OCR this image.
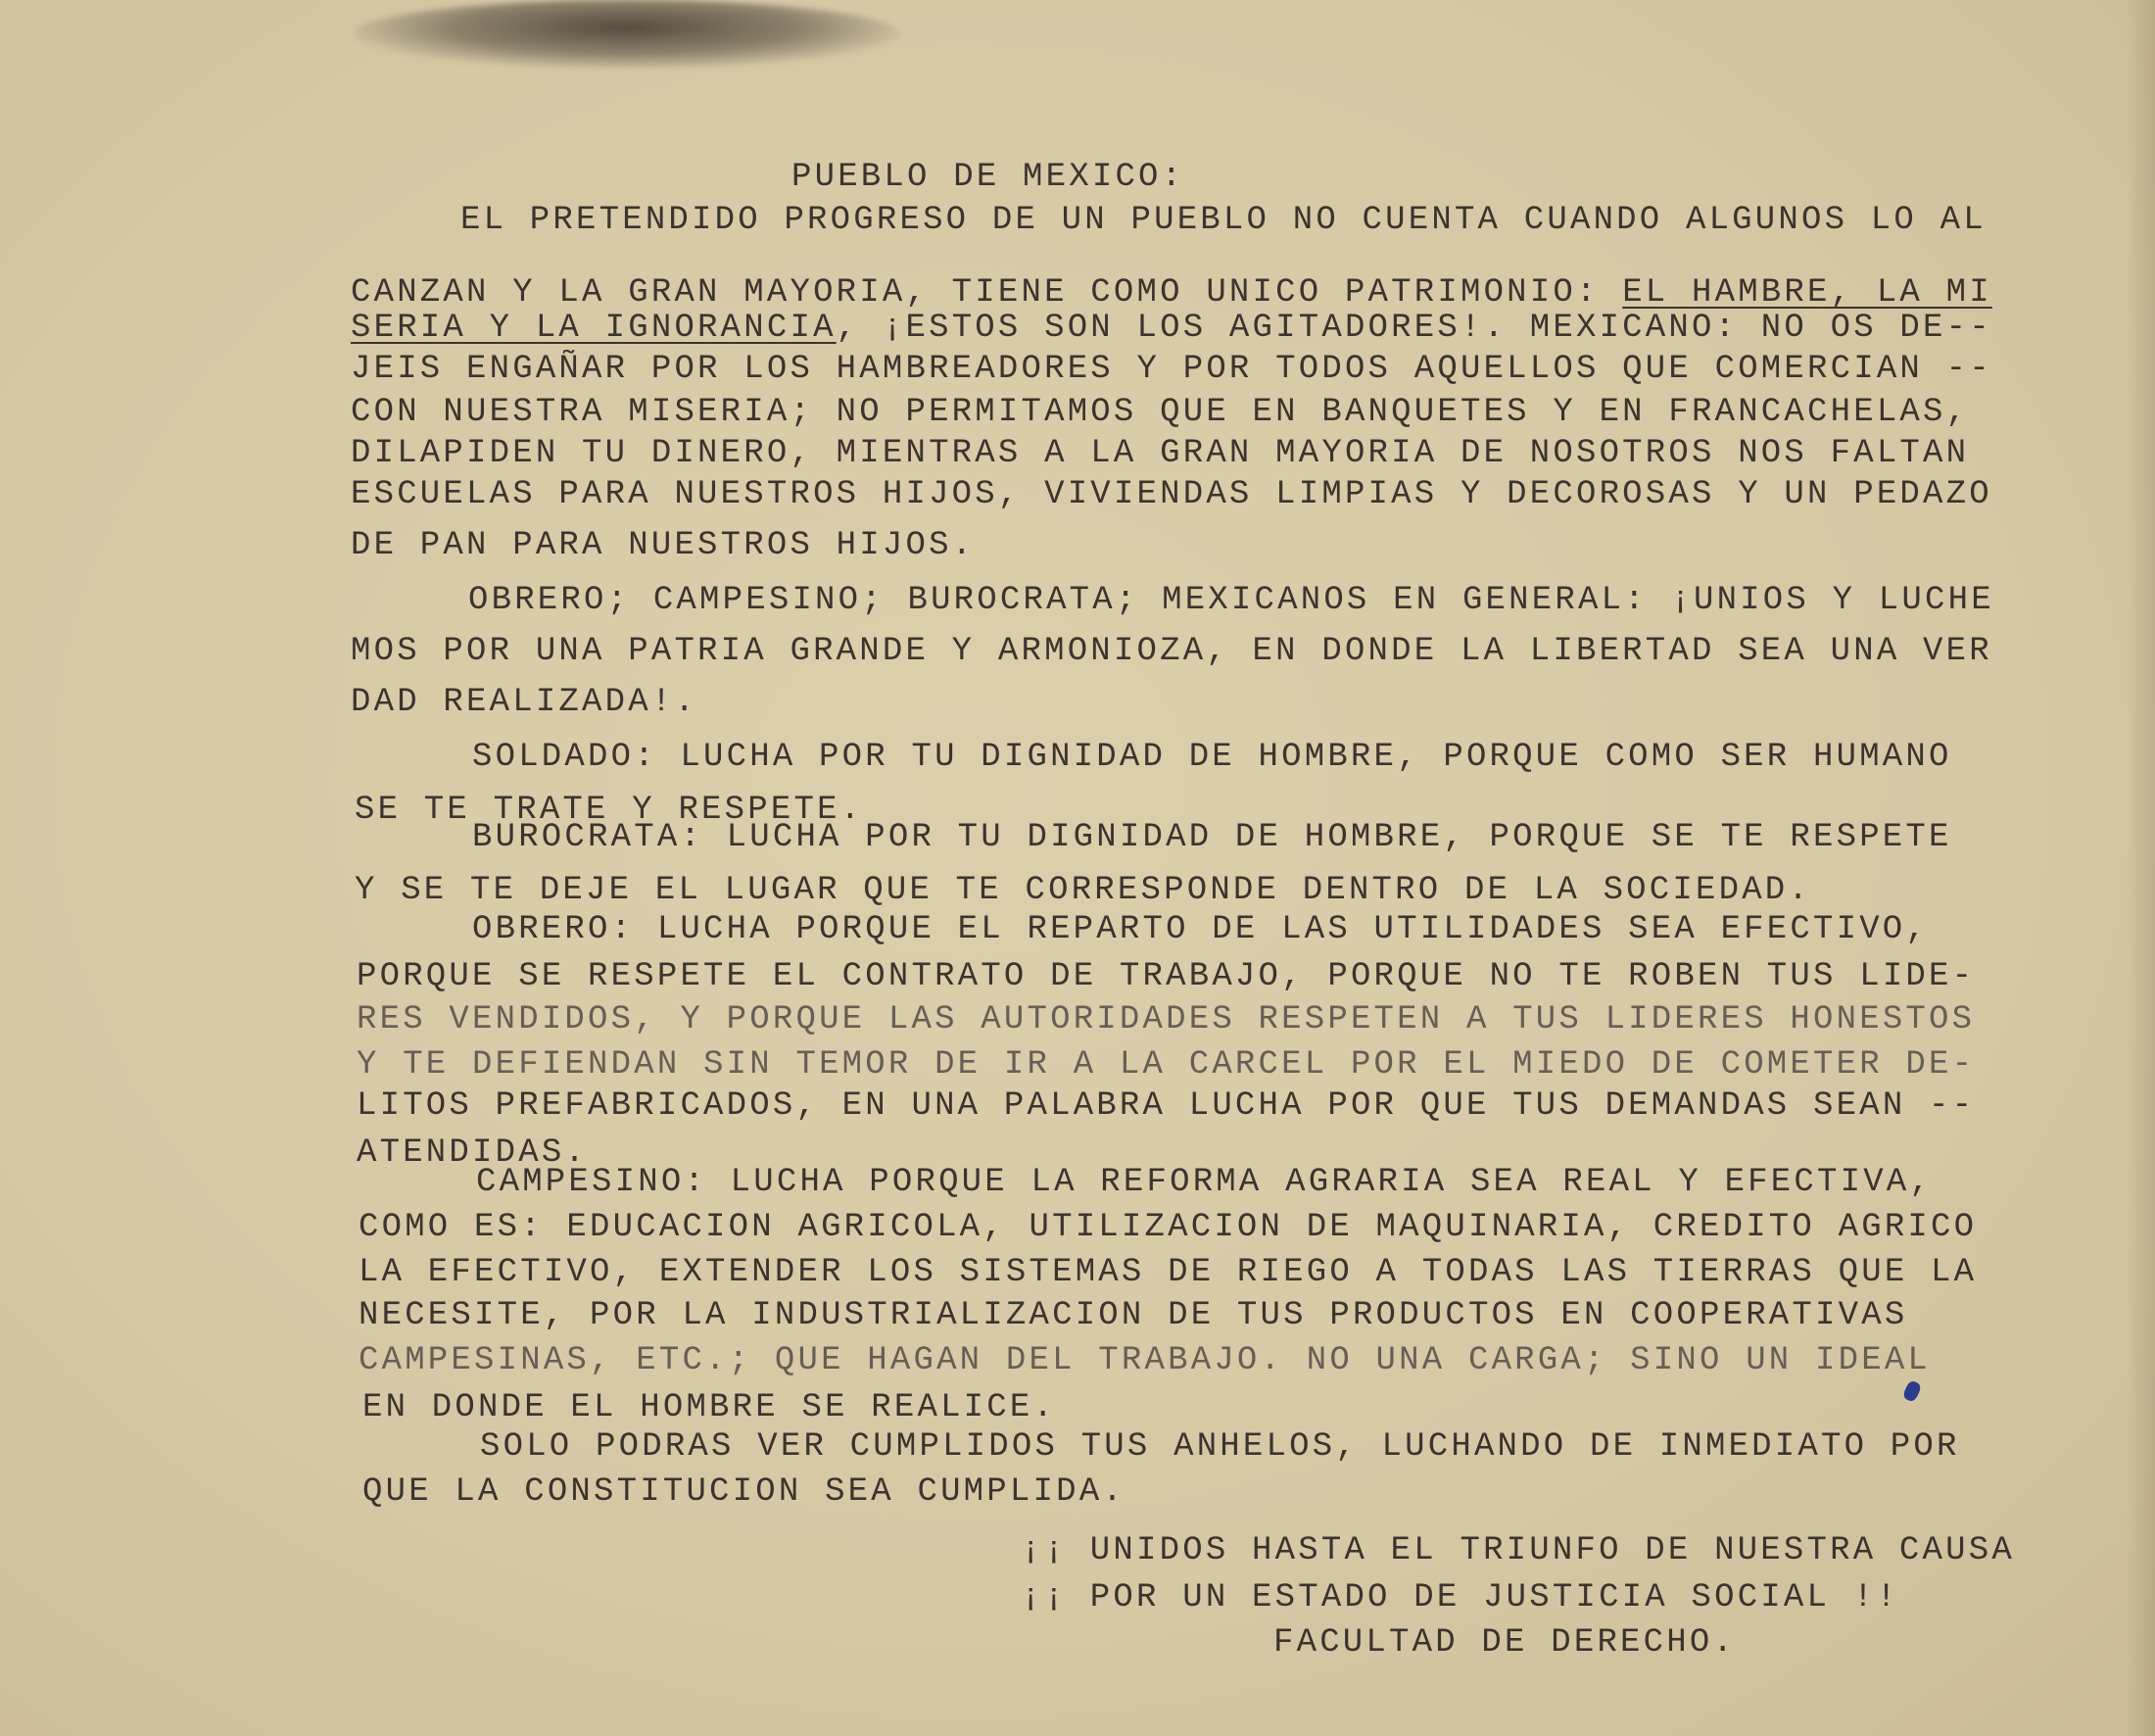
PUEBLO DE MEXICO:
EL PRETENDIDO PROGRESO DE UN PUEBLO NO CUENTA CUANDO ALGUNOS LO AL
CANZAN Y LA GRAN MAYORIA, TIENE COMO UNICO PATRIMONIO: EL HAMBRE, LA MI
SERIA Y LA IGNORANCIA, ¡ESTOS SON LOS AGITADORES!. MEXICANO: NO OS DE--
JEIS ENGAÑAR POR LOS HAMBREADORES Y POR TODOS AQUELLOS QUE COMERCIAN --
CON NUESTRA MISERIA; NO PERMITAMOS QUE EN BANQUETES Y EN FRANCACHELAS,
DILAPIDEN TU DINERO, MIENTRAS A LA GRAN MAYORIA DE NOSOTROS NOS FALTAN
ESCUELAS PARA NUESTROS HIJOS, VIVIENDAS LIMPIAS Y DECOROSAS Y UN PEDAZO
DE PAN PARA NUESTROS HIJOS.
OBRERO; CAMPESINO; BUROCRATA; MEXICANOS EN GENERAL: ¡UNIOS Y LUCHE
MOS POR UNA PATRIA GRANDE Y ARMONIOZA, EN DONDE LA LIBERTAD SEA UNA VER
DAD REALIZADA!.
SOLDADO: LUCHA POR TU DIGNIDAD DE HOMBRE, PORQUE COMO SER HUMANO
SE TE TRATE Y RESPETE.
BUROCRATA: LUCHA POR TU DIGNIDAD DE HOMBRE, PORQUE SE TE RESPETE
Y SE TE DEJE EL LUGAR QUE TE CORRESPONDE DENTRO DE LA SOCIEDAD.
OBRERO: LUCHA PORQUE EL REPARTO DE LAS UTILIDADES SEA EFECTIVO,
PORQUE SE RESPETE EL CONTRATO DE TRABAJO, PORQUE NO TE ROBEN TUS LIDE-
RES VENDIDOS, Y PORQUE LAS AUTORIDADES RESPETEN A TUS LIDERES HONESTOS
Y TE DEFIENDAN SIN TEMOR DE IR A LA CARCEL POR EL MIEDO DE COMETER DE-
LITOS PREFABRICADOS, EN UNA PALABRA LUCHA POR QUE TUS DEMANDAS SEAN --
ATENDIDAS.
CAMPESINO: LUCHA PORQUE LA REFORMA AGRARIA SEA REAL Y EFECTIVA,
COMO ES: EDUCACION AGRICOLA, UTILIZACION DE MAQUINARIA, CREDITO AGRICO
LA EFECTIVO, EXTENDER LOS SISTEMAS DE RIEGO A TODAS LAS TIERRAS QUE LA
NECESITE, POR LA INDUSTRIALIZACION DE TUS PRODUCTOS EN COOPERATIVAS
CAMPESINAS, ETC.; QUE HAGAN DEL TRABAJO. NO UNA CARGA; SINO UN IDEAL
EN DONDE EL HOMBRE SE REALICE.
SOLO PODRAS VER CUMPLIDOS TUS ANHELOS, LUCHANDO DE INMEDIATO POR
QUE LA CONSTITUCION SEA CUMPLIDA.
¡¡ UNIDOS HASTA EL TRIUNFO DE NUESTRA CAUSA
¡¡ POR UN ESTADO DE JUSTICIA SOCIAL !!
FACULTAD DE DERECHO.
